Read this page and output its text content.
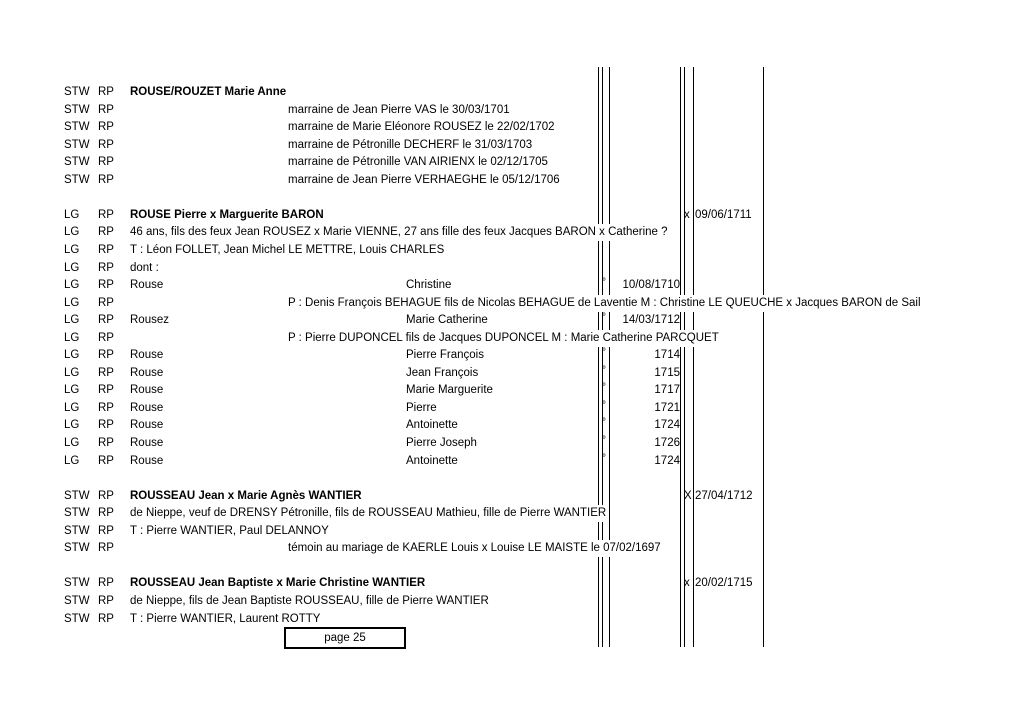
STW RP ROUSE/ROUZET Marie Anne
STW RP	marraine de Jean Pierre VAS le 30/03/1701
STW RP	marraine de Marie Eléonore ROUSEZ le 22/02/1702
STW RP	marraine de Pétronille DECHERF le 31/03/1703
STW RP	marraine de Pétronille VAN AIRIENX le 02/12/1705
STW RP	marraine de Jean Pierre VERHAEGHE le 05/12/1706
LG RP ROUSE Pierre x Marguerite BARON	x 09/06/1711
LG RP 46 ans, fils des feux Jean ROUSEZ x Marie VIENNE, 27 ans fille des feux Jacques BARON x Catherine ?
LG RP T : Léon FOLLET, Jean Michel LE METTRE, Louis CHARLES
LG RP dont :
LG RP Rouse	Christine	°	10/08/1710
LG RP	P : Denis François BEHAGUE fils de Nicolas BEHAGUE de Laventie M : Christine LE QUEUCHE x Jacques BARON de Sail
LG RP Rousez	Marie Catherine	°	14/03/1712
LG RP	P : Pierre DUPONCEL fils de Jacques DUPONCEL M : Marie Catherine PARCQUET
LG RP Rouse	Pierre François	°	1714
LG RP Rouse	Jean François	°	1715
LG RP Rouse	Marie Marguerite	°	1717
LG RP Rouse	Pierre	°	1721
LG RP Rouse	Antoinette	°	1724
LG RP Rouse	Pierre Joseph	°	1726
LG RP Rouse	Antoinette	°	1724
STW RP ROUSSEAU Jean x Marie Agnès WANTIER	X 27/04/1712
STW RP de Nieppe, veuf de DRENSY Pétronille, fils de ROUSSEAU Mathieu, fille de Pierre WANTIER
STW RP T : Pierre WANTIER, Paul DELANNOY
STW RP	témoin au mariage de KAERLE Louis x Louise LE MAISTE le 07/02/1697
STW RP ROUSSEAU Jean Baptiste x Marie Christine WANTIER	x 20/02/1715
STW RP de Nieppe, fils de Jean Baptiste ROUSSEAU, fille de Pierre WANTIER
STW RP T : Pierre WANTIER, Laurent ROTTY
page 25
